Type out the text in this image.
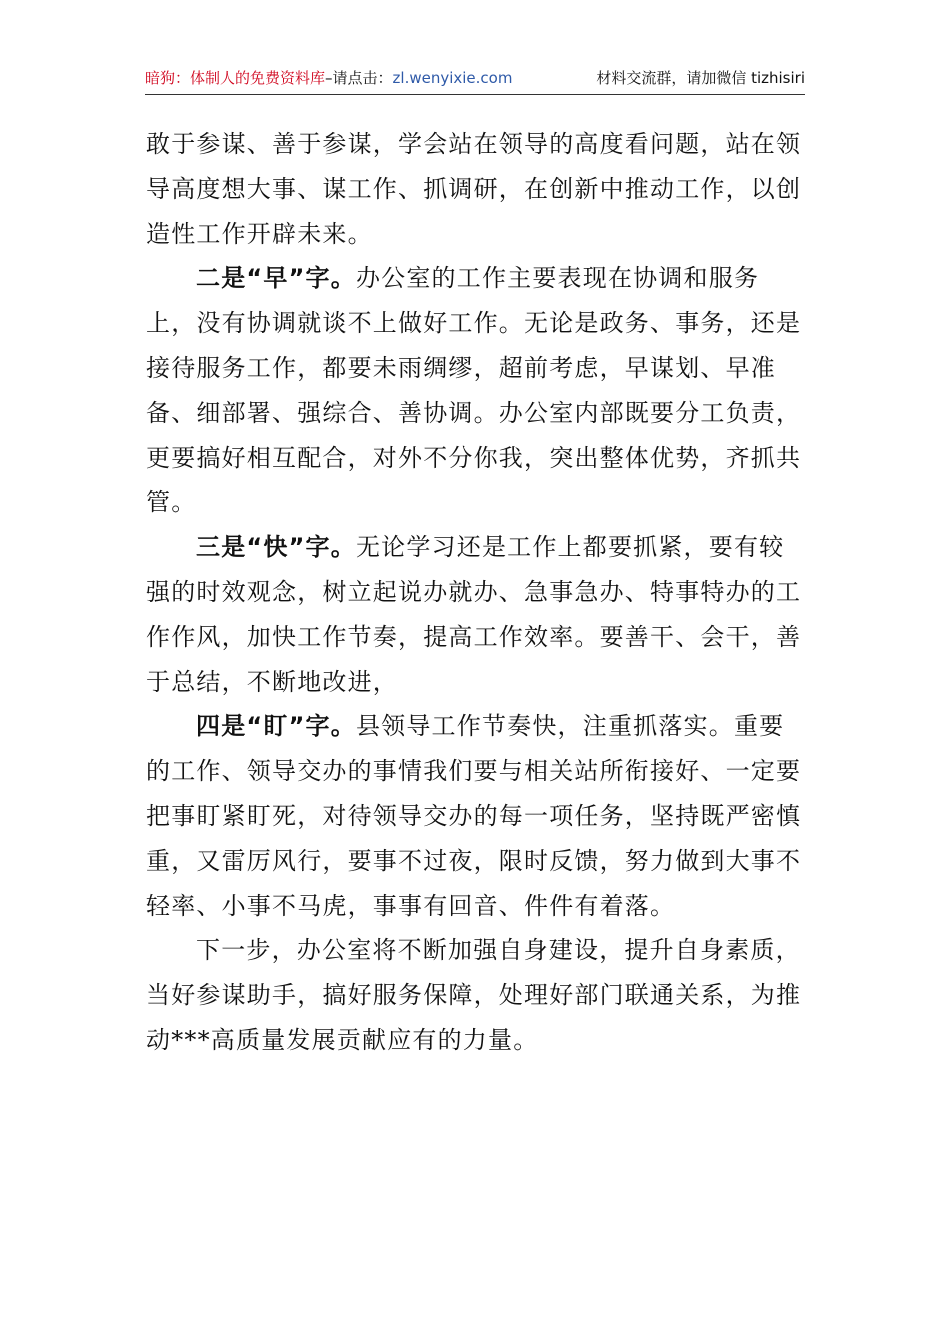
暗狗：体制人的免费资料库–请点击：zl.wenyixie.com	材料交流群，请加微信 tizhisiri

敢于参谋、善于参谋，学会站在领导的高度看问题，站在领导高度想大事、谋工作、抓调研，在创新中推动工作，以创造性工作开辟未来。

二是“早”字。办公室的工作主要表现在协调和服务上，没有协调就谈不上做好工作。无论是政务、事务，还是接待服务工作，都要未雨绸缪，超前考虑，早谋划、早准备、细部署、强综合、善协调。办公室内部既要分工负责，更要搞好相互配合，对外不分你我，突出整体优势，齐抓共管。

三是“快”字。无论学习还是工作上都要抓紧，要有较强的时效观念，树立起说办就办、急事急办、特事特办的工作作风，加快工作节奏，提高工作效率。要善干、会干，善于总结，不断地改进，

四是“盯”字。县领导工作节奏快，注重抓落实。重要的工作、领导交办的事情我们要与相关站所衔接好、一定要把事盯紧盯死，对待领导交办的每一项任务，坚持既严密慎重，又雷厉风行，要事不过夜，限时反馈，努力做到大事不轻率、小事不马虎，事事有回音、件件有着落。

下一步，办公室将不断加强自身建设，提升自身素质，当好参谋助手，搞好服务保障，处理好部门联通关系，为推动***高质量发展贡献应有的力量。
